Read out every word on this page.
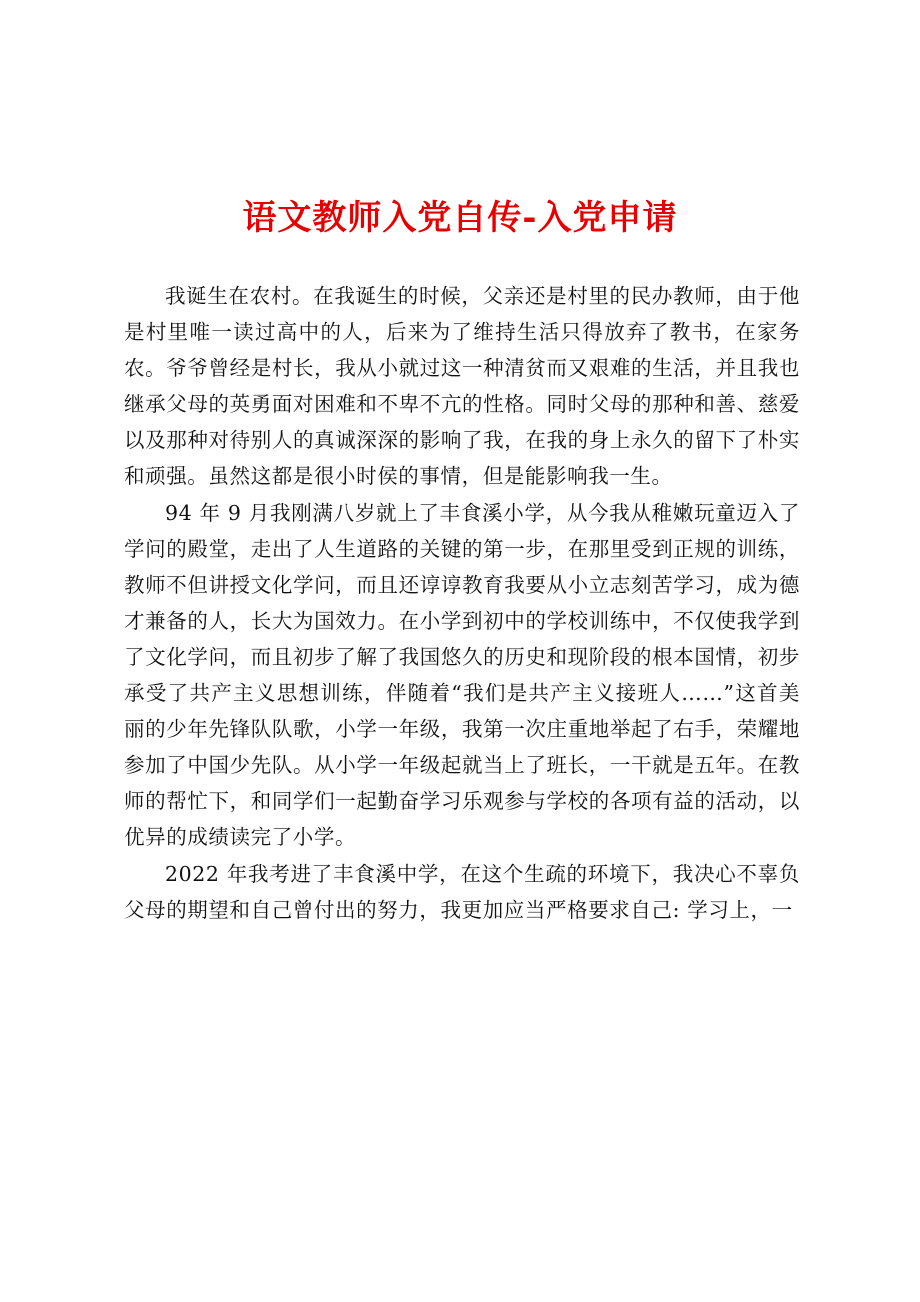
语文教师入党自传-入党申请

我诞生在农村。在我诞生的时候，父亲还是村里的民办教师，由于他是村里唯一读过高中的人，后来为了维持生活只得放弃了教书，在家务农。爷爷曾经是村长，我从小就过这一种清贫而又艰难的生活，并且我也继承父母的英勇面对困难和不卑不亢的性格。同时父母的那种和善、慈爱以及那种对待别人的真诚深深的影响了我，在我的身上永久的留下了朴实和顽强。虽然这都是很小时侯的事情，但是能影响我一生。

94 年 9 月我刚满八岁就上了丰食溪小学，从今我从稚嫩玩童迈入了学问的殿堂，走出了人生道路的关键的第一步，在那里受到正规的训练，教师不但讲授文化学问，而且还谆谆教育我要从小立志刻苦学习，成为德才兼备的人，长大为国效力。在小学到初中的学校训练中，不仅使我学到了文化学问，而且初步了解了我国悠久的历史和现阶段的根本国情，初步承受了共产主义思想训练，伴随着“我们是共产主义接班人……”这首美丽的少年先锋队队歌，小学一年级，我第一次庄重地举起了右手，荣耀地参加了中国少先队。从小学一年级起就当上了班长，一干就是五年。在教师的帮忙下，和同学们一起勤奋学习乐观参与学校的各项有益的活动，以优异的成绩读完了小学。

2022 年我考进了丰食溪中学，在这个生疏的环境下，我决心不辜负父母的期望和自己曾付出的努力，我更加应当严格要求自己: 学习上，一
